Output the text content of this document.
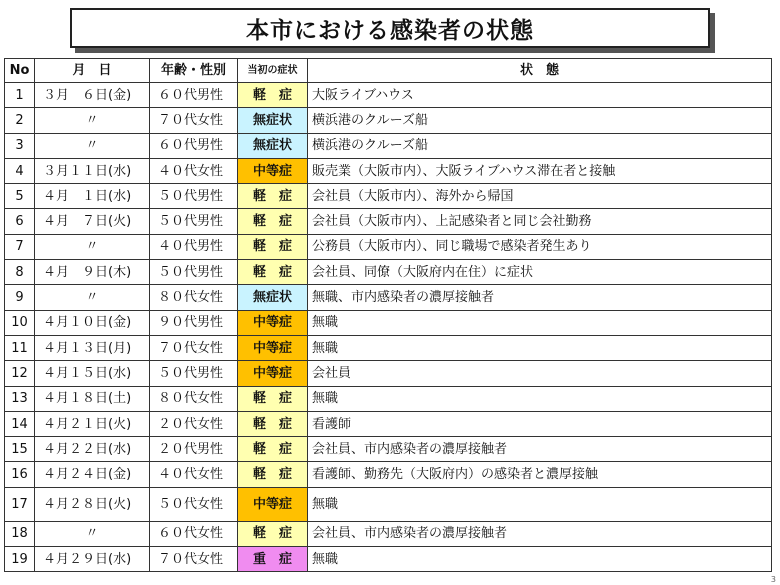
本市における感染者の状態
No	月　日	年齢・性別	当初の症状	状　態
1	３月　６日(金)	６０代男性	軽　症	大阪ライブハウス
2	〃	７０代女性	無症状	横浜港のクルーズ船
3	〃	６０代男性	無症状	横浜港のクルーズ船
4	３月１１日(水)	４０代女性	中等症	販売業（大阪市内）、大阪ライブハウス滞在者と接触
5	４月　１日(水)	５０代男性	軽　症	会社員（大阪市内）、海外から帰国
6	４月　７日(火)	５０代男性	軽　症	会社員（大阪市内）、上記感染者と同じ会社勤務
7	〃	４０代男性	軽　症	公務員（大阪市内）、同じ職場で感染者発生あり
8	４月　９日(木)	５０代男性	軽　症	会社員、同僚（大阪府内在住）に症状
9	〃	８０代女性	無症状	無職、市内感染者の濃厚接触者
10	４月１０日(金)	９０代男性	中等症	無職
11	４月１３日(月)	７０代女性	中等症	無職
12	４月１５日(水)	５０代男性	中等症	会社員
13	４月１８日(土)	８０代女性	軽　症	無職
14	４月２１日(火)	２０代女性	軽　症	看護師
15	４月２２日(水)	２０代男性	軽　症	会社員、市内感染者の濃厚接触者
16	４月２４日(金)	４０代女性	軽　症	看護師、勤務先（大阪府内）の感染者と濃厚接触
17	４月２８日(火)	５０代女性	中等症	無職
18	〃	６０代女性	軽　症	会社員、市内感染者の濃厚接触者
19	４月２９日(水)	７０代女性	重　症	無職
3
